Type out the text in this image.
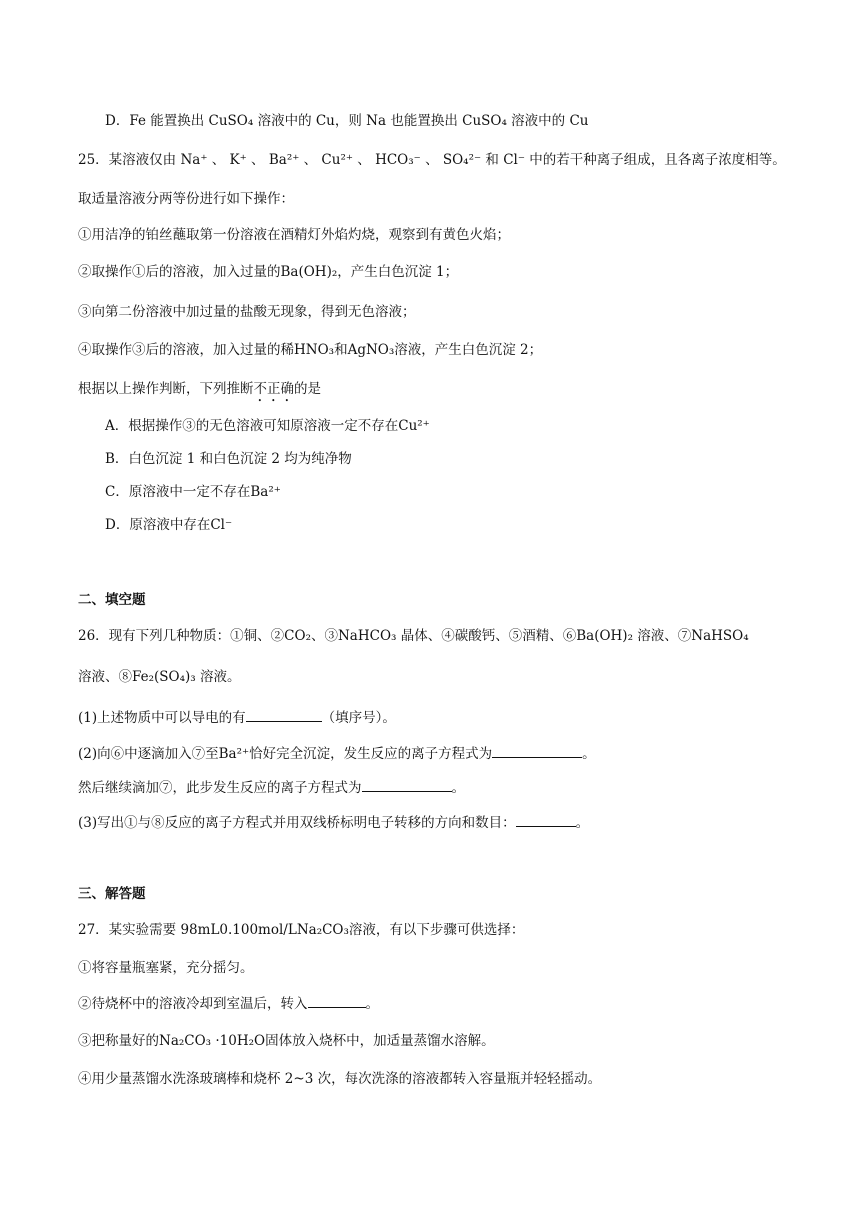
D．Fe 能置换出 CuSO₄ 溶液中的 Cu，则 Na 也能置换出 CuSO₄ 溶液中的 Cu
25．某溶液仅由 Na⁺ 、 K⁺ 、 Ba²⁺ 、 Cu²⁺ 、 HCO₃⁻ 、 SO₄²⁻ 和 Cl⁻ 中的若干种离子组成，且各离子浓度相等。
取适量溶液分两等份进行如下操作：
①用洁净的铂丝蘸取第一份溶液在酒精灯外焰灼烧，观察到有黄色火焰；
②取操作①后的溶液，加入过量的Ba(OH)₂，产生白色沉淀 1；
③向第二份溶液中加过量的盐酸无现象，得到无色溶液；
④取操作③后的溶液，加入过量的稀HNO₃和AgNO₃溶液，产生白色沉淀 2；
根据以上操作判断，下列推断不正确的是
A．根据操作③的无色溶液可知原溶液一定不存在Cu²⁺
B．白色沉淀 1 和白色沉淀 2 均为纯净物
C．原溶液中一定不存在Ba²⁺
D．原溶液中存在Cl⁻
二、填空题
26．现有下列几种物质：①铜、②CO₂、③NaHCO₃ 晶体、④碳酸钙、⑤酒精、⑥Ba(OH)₂ 溶液、⑦NaHSO₄
溶液、⑧Fe₂(SO₄)₃ 溶液。
(1)上述物质中可以导电的有	（填序号）。
(2)向⑥中逐滴加入⑦至Ba²⁺恰好完全沉淀，发生反应的离子方程式为	。
然后继续滴加⑦，此步发生反应的离子方程式为	。
(3)写出①与⑧反应的离子方程式并用双线桥标明电子转移的方向和数目：	。
三、解答题
27．某实验需要 98mL0.100mol/LNa₂CO₃溶液，有以下步骤可供选择：
①将容量瓶塞紧，充分摇匀。
②待烧杯中的溶液冷却到室温后，转入	。
③把称量好的Na₂CO₃ ·10H₂O固体放入烧杯中，加适量蒸馏水溶解。
④用少量蒸馏水洗涤玻璃棒和烧杯 2~3 次，每次洗涤的溶液都转入容量瓶并轻轻摇动。
